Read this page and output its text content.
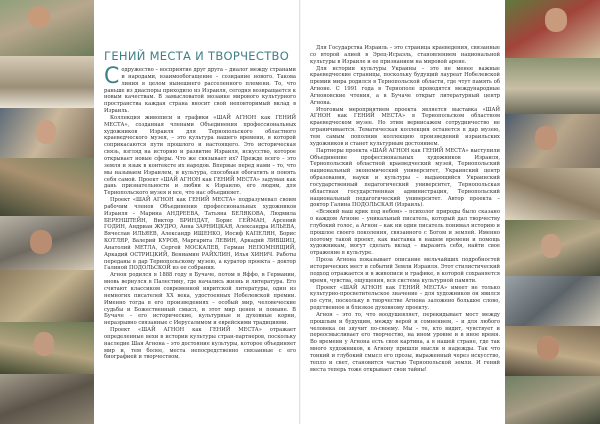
ГЕНИЙ МЕСТА И ТВОРЧЕСТВО

Содружество – восприятие друг друга – диалог между странами и народами, взаимообогащение – созидание нового. Такова линия в целом нынешнего расселенного племени. То, что раньше из диаспоры приходило из Израиля, сегодня возвращается к новым качествам. В замысловатой мозаике мирового культурного пространства каждая страна вносит свой неповторимый вклад в Израиль.

Коллекция живописи и графики «ШАЙ АГНОН как ГЕНИЙ МЕСТА», созданная членами Объединения профессиональных художников Израиля для Тернопольского областного краеведческого музея, – это культура нашего времени, в которой соприкасаются пути прошлого и настоящего. Это историческая связь, взгляд на историю и развитие Израиля, искусство, которое открывает новые сферы. Что же связывает их? Прежде всего – это земля и язык в контексте их народов. Впервые перед нами – то, что мы называем Израилем, и культура, способная обогатить и понять себя самой. Проект «ШАЙ АГНОН как ГЕНИЙ МЕСТА» задуман как дань признательности и любви к Израилю, его людям, для Тернопольского музея и все, что нас объединяет.

Проект «ШАЙ АГНОН как ГЕНИЙ МЕСТА» подразумевал своим рабочим членов Объединения профессиональных художников Израиля – Марина АНДРЕЕВА, Татьяна БЕЛЯКОВА, Людмила БЕРЕНШТЕЙН, Виктор БРИНДАТ, Борис ГЕЙМАН, Арсений ГОДИН, Андриан ЖУДРО, Анна ЗАРНИЦКАЯ, Александра ИЛЬЕВА, Вячеслав ИЛЬЯЕВ, Александр ИШЕНКО, Иосиф КАПЕЛЯН, Борис КОТЛЯР, Валерий КУРОВ, Маргарита ЛЕВИН, Аркадий ЛИВШИЦ, Анатолий МЕТЛА, Сергей МОСКАЛЕВ, Герман НЕПОМНЯЩИЙ, Аркадий ОСТРИЦКИЙ, Вениамин РАЙХЛИН, Илья ХИНИЧ. Работы переданы в дар Тернопольскому музею, а куратор проекта – доктор Галиной ПОДОЛЬСКОЙ из ее собрания.

Агнон родился в 1888 году в Бучаче, потом в Яффо, в Германии, вновь вернулся в Палестину, где начались жизнь и литература. Его считают классиком современной ивритской литературы, один из немногих писателей XX века, удостоенных Нобелевской премии. Именно тогда в его произведениях – особый мир, человеческие судьбы и Божественный смысл, и этот мир ценен и поныне. В Бучаче – его исторические, культурные и духовные корни, неразрывно связанные с Иерусалимом и еврейскими традициями.

Проект «ШАЙ АГНОН как ГЕНИЙ МЕСТА» отражает определенные вехи в истории культуры стран-партнеров, поскольку наследие Шая Агнона – это достояние культуры, которое объединяет мир и, тем более, места непосредственно связанные с его биографией и творчеством.

Для Государства Израиль – это страница краеведения, связанные со второй алией в Эрец-Исраэль, становлением национальной культуры в Израиле и ее признанием на мировой арене.

Для истории культуры Украины – это не менее важные краеведческие страницы, поскольку будущий лауреат Нобелевской премии мира родился в Тернопольской области, где чтут память об Агноне. С 1991 года в Тернополе проводятся международные Агноновские чтения, а в Бучаче открыт литературный центр Агнона.

Итоговым мероприятием проекта является выставка «ШАЙ АГНОН как ГЕНИЙ МЕСТА» в Тернопольском областном краеведческом музее. Но этим вернисажем сотрудничество не ограничивается. Тематическая коллекция останется в дар музею, тем самым пополнив коллекцию произведений израильских художников и станет культурным достоянием.

Партнеры проекта «ШАЙ АГНОН как ГЕНИЙ МЕСТА» выступили Объединение профессиональных художников Израиля, Тернопольский областной краеведческий музей, Тернопольский национальный экономический университет, Украинский центр образования, науки и культуры – выдающийся Украинский государственный педагогический университет, Тернопольская областная государственная администрация, Тернопольский национальный педагогический университет. Автор проекта – доктор Галина ПОДОЛЬСКАЯ (Израиль).

«Всякий наш крик под небом» – психолог природы было сказано о каждом Агноне – уникальный писатель, который дал творчеству глубокий голос, а Агнон – как ни один писатель понимал историю и прошлое своего поколения, связанного с Богом и землей. Именно поэтому такой проект, как выставка в нашем времени и помощь художникам, могут сделать вклад – выразить себя, найти свое отражение в культуре.

Проза Агнона показывает описание мельчайших подробностей исторических мест и событий Земли Израиля. Этот стилистический подход отражается и в живописи и графике, в которой сохраняется время, чувства, ощущения, вся система культурной памяти.

Проект «ШАЙ АГНОН как ГЕНИЙ МЕСТА» имеет не только культурно-просветительское значение – для художников он явился по сути, поскольку в творчестве Агнона заложено большое слово, родственное и близкое духовному проекту.

Агнон – это то, что воодушевляет, перекидывает мост между прошлым и будущим, между верой и сомнением, – и для любого человека он звучит по-своему. Мы – те, кто видит, чувствует и переосмысливает его творчество, на ином уровне и в иное время. Во времени у Агнона есть своя картина, а в нашей стране, где так много художников, к Агнону пришли мысли и надежды. Так что тонкий и глубокий смысл его прозы, выраженный через искусство, тепло и свет, становится частью Тернопольской земли. И гений места теперь тоже открывает свои тайны!
